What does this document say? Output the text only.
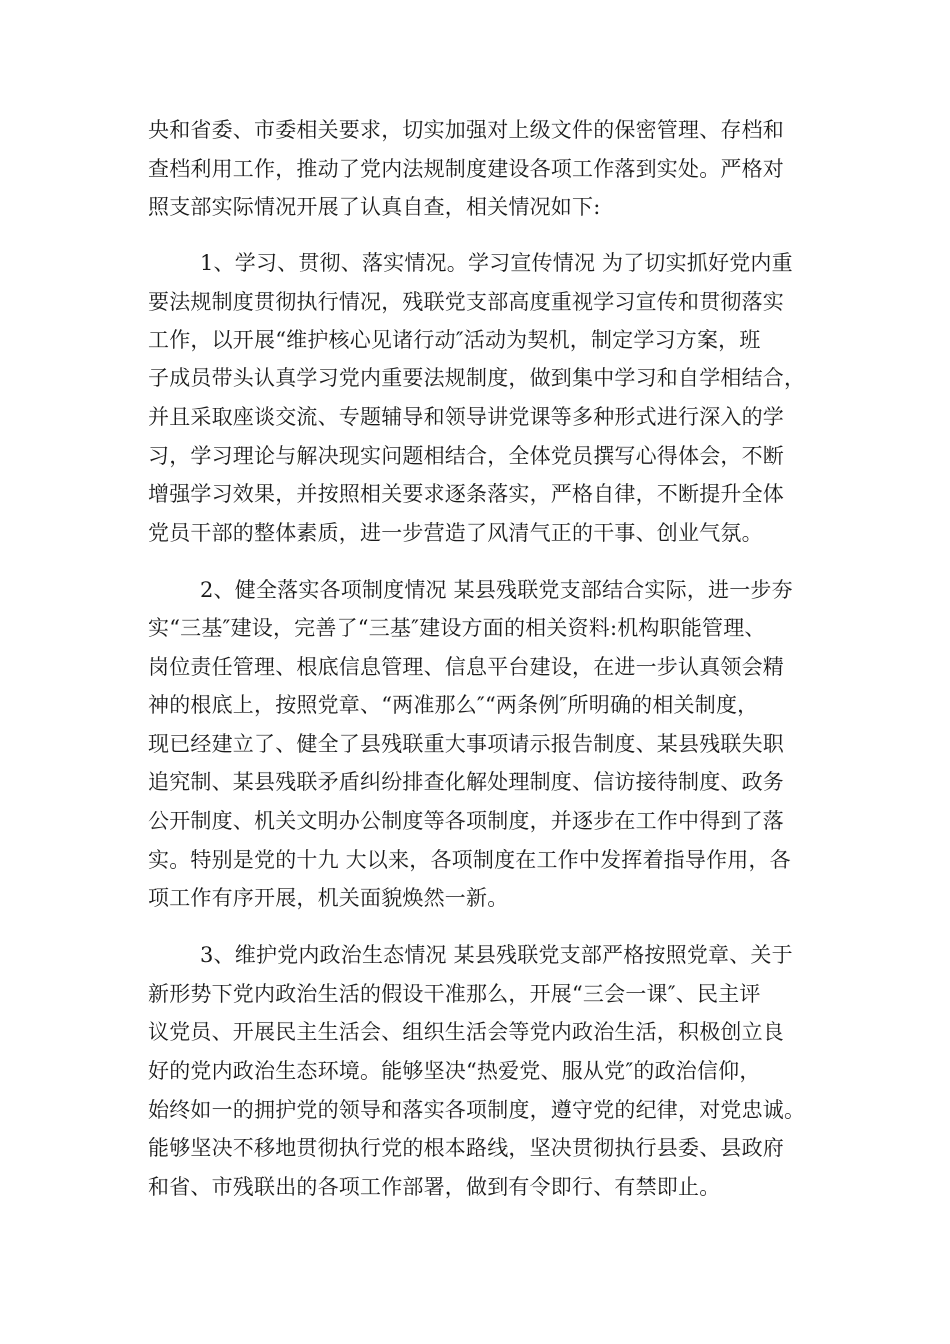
央和省委、市委相关要求，切实加强对上级文件的保密管理、存档和
查档利用工作，推动了党内法规制度建设各项工作落到实处。严格对
照支部实际情况开展了认真自查，相关情况如下:
1、学习、贯彻、落实情况。学习宣传情况 为了切实抓好党内重
要法规制度贯彻执行情况，残联党支部高度重视学习宣传和贯彻落实
工作，以开展“维护核心见诸行动″活动为契机，制定学习方案，班
子成员带头认真学习党内重要法规制度，做到集中学习和自学相结合，
并且采取座谈交流、专题辅导和领导讲党课等多种形式进行深入的学
习，学习理论与解决现实问题相结合，全体党员撰写心得体会，不断
增强学习效果，并按照相关要求逐条落实，严格自律，不断提升全体
党员干部的整体素质，进一步营造了风清气正的干事、创业气氛。
2、健全落实各项制度情况 某县残联党支部结合实际，进一步夯
实“三基″建设，完善了“三基″建设方面的相关资料:机构职能管理、
岗位责任管理、根底信息管理、信息平台建设，在进一步认真领会精
神的根底上，按照党章、“两准那么″“两条例″所明确的相关制度，
现已经建立了、健全了县残联重大事项请示报告制度、某县残联失职
追究制、某县残联矛盾纠纷排查化解处理制度、信访接待制度、政务
公开制度、机关文明办公制度等各项制度，并逐步在工作中得到了落
实。特别是党的十九 大以来，各项制度在工作中发挥着指导作用，各
项工作有序开展，机关面貌焕然一新。
3、维护党内政治生态情况 某县残联党支部严格按照党章、关于
新形势下党内政治生活的假设干准那么，开展“三会一课″、民主评
议党员、开展民主生活会、组织生活会等党内政治生活，积极创立良
好的党内政治生态环境。能够坚决“热爱党、服从党″的政治信仰，
始终如一的拥护党的领导和落实各项制度，遵守党的纪律，对党忠诚。
能够坚决不移地贯彻执行党的根本路线，坚决贯彻执行县委、县政府
和省、市残联出的各项工作部署，做到有令即行、有禁即止。
